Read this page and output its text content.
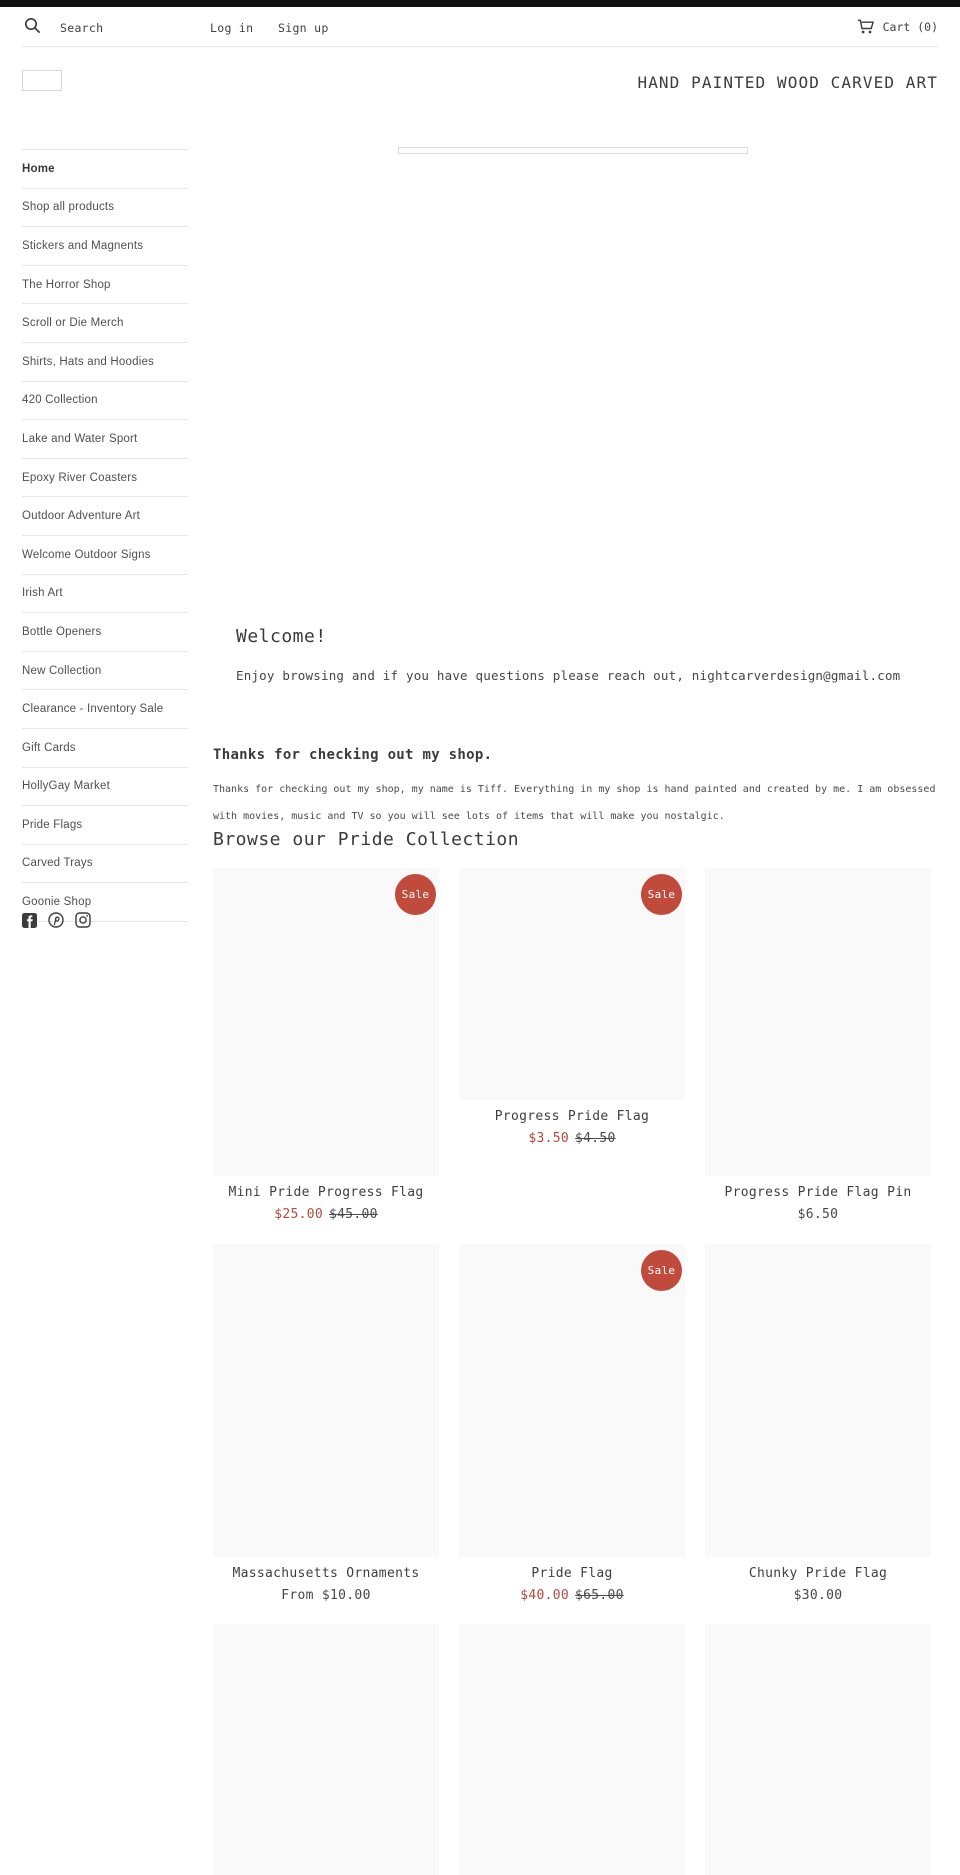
Search	Log in Sign up	Cart (0)
HAND PAINTED WOOD CARVED ART
Home
Shop all products
Stickers and Magnents
The Horror Shop
Scroll or Die Merch
Shirts, Hats and Hoodies
420 Collection
Lake and Water Sport
Epoxy River Coasters
Outdoor Adventure Art
Welcome Outdoor Signs
Irish Art
Bottle Openers
New Collection
Clearance - Inventory Sale
Gift Cards
HollyGay Market
Pride Flags
Carved Trays
Goonie Shop
Welcome!

Enjoy browsing and if you have questions please reach out, nightcarverdesign@gmail.com

Thanks for checking out my shop.

Thanks for checking out my shop, my name is Tiff. Everything in my shop is hand painted and created by me. I am obsessed with movies, music and TV so you will see lots of items that will make you nostalgic.

Browse our Pride Collection
Sale
Mini Pride Progress Flag
$25.00 $45.00
Sale
Progress Pride Flag
$3.50 $4.50
Progress Pride Flag Pin
$6.50
Massachusetts Ornaments
From $10.00
Sale
Pride Flag
$40.00 $65.00
Chunky Pride Flag
$30.00
